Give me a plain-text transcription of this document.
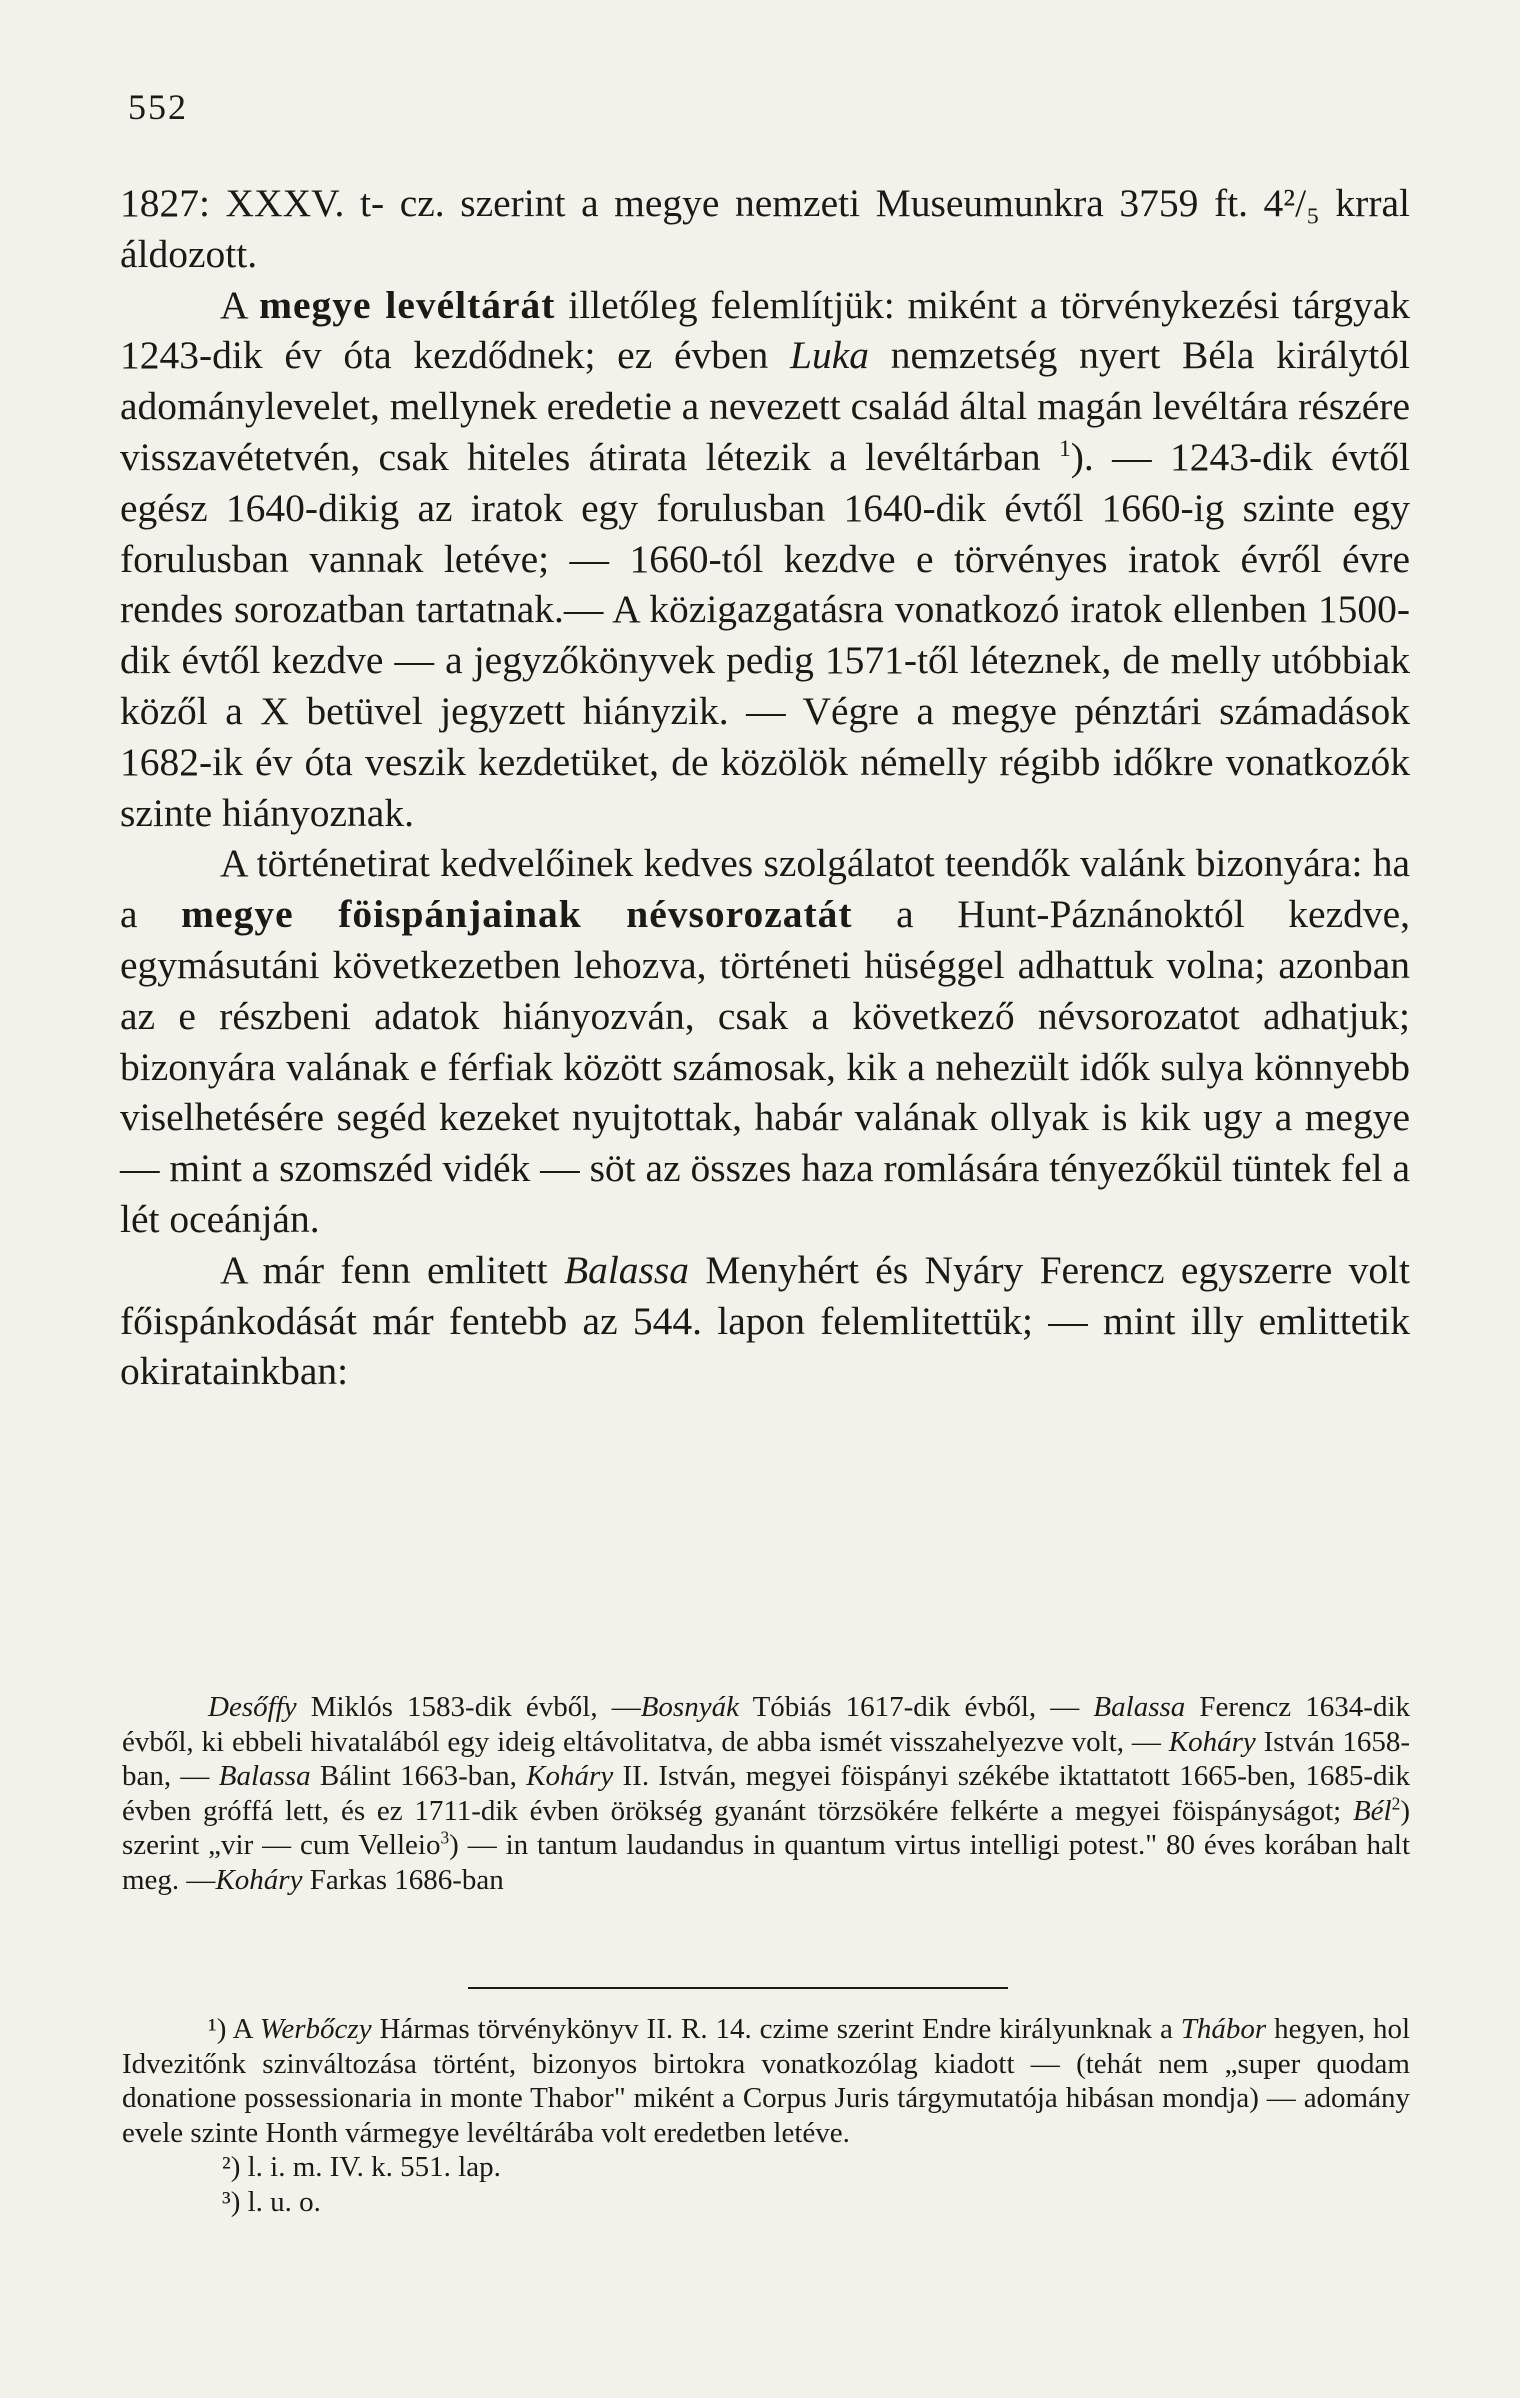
552

1827: XXXV. t- cz. szerint a megye nemzeti Museumunkra 3759 ft. 4²/₅ krral áldozott.

A megye levéltárát illetőleg felemlítjük: miként a törvénykezési tárgyak 1243-dik év óta kezdődnek; ez évben Luka nemzetség nyert Béla királytól adománylevelet, mellynek eredetie a nevezett család által magán levéltára részére visszavétetvén, csak hiteles átirata létezik a levéltárban $^1$). — 1243-dik évtől egész 1640-dikig az iratok egy forulusban 1640-dik évtől 1660-ig szinte egy forulusban vannak letéve; — 1660-tól kezdve e törvényes iratok évről évre rendes sorozatban tartatnak.— A közigazgatásra vonatkozó iratok ellenben 1500-dik évtől kezdve — a jegyzőkönyvek pedig 1571-től léteznek, de melly utóbbiak közől a X betüvel jegyzett hiányzik. — Végre a megye pénztári számadások 1682-ik év óta veszik kezdetüket, de közölök némelly régibb időkre vonatkozók szinte hiányoznak.

A történetirat kedvelőinek kedves szolgálatot teendők valánk bizonyára: ha a megye föispánjainak névsorozatát a Hunt-Páznánoktól kezdve, egymásutáni következetben lehozva, történeti hüséggel adhattuk volna; azonban az e részbeni adatok hiányozván, csak a következő névsorozatot adhatjuk; bizonyára valának e férfiak között számosak, kik a nehezült idők sulya könnyebb viselhetésére segéd kezeket nyujtottak, habár valának ollyak is kik ugy a megye — mint a szomszéd vidék — söt az összes haza romlására tényezőkül tüntek fel a lét oceánján.

A már fenn emlitett Balassa Menyhért és Nyáry Ferencz egyszerre volt főispánkodását már fentebb az 544. lapon felemlitettük; — mint illy emlittetik okiratainkban:

Desőffy Miklós 1583-dik évből, —Bosnyák Tóbiás 1617-dik évből, — Balassa Ferencz 1634-dik évből, ki ebbeli hivatalából egy ideig eltávolitatva, de abba ismét visszahelyezve volt, — Koháry István 1658-ban, — Balassa Bálint 1663-ban, Koháry II. István, megyei föispányi székébe iktattatott 1665-ben, 1685-dik évben gróffá lett, és ez 1711-dik évben örökség gyanánt törzsökére felkérte a megyei föispányságot; Bél$^2$) szerint „vir — cum Velleio$^3$) — in tantum laudandus in quantum virtus intelligi potest." 80 éves korában halt meg. —Koháry Farkas 1686-ban

¹) A Werbőczy Hármas törvénykönyv II. R. 14. czime szerint Endre királyunknak a Thábor hegyen, hol Idvezitőnk szinváltozása történt, bizonyos birtokra vonatkozólag kiadott — (tehát nem „super quodam donatione possessionaria in monte Thabor" miként a Corpus Juris tárgymutatója hibásan mondja) — adomány evele szinte Honth vármegye levéltárába volt eredetben letéve.

²) l. i. m. IV. k. 551. lap.

³) l. u. o.
